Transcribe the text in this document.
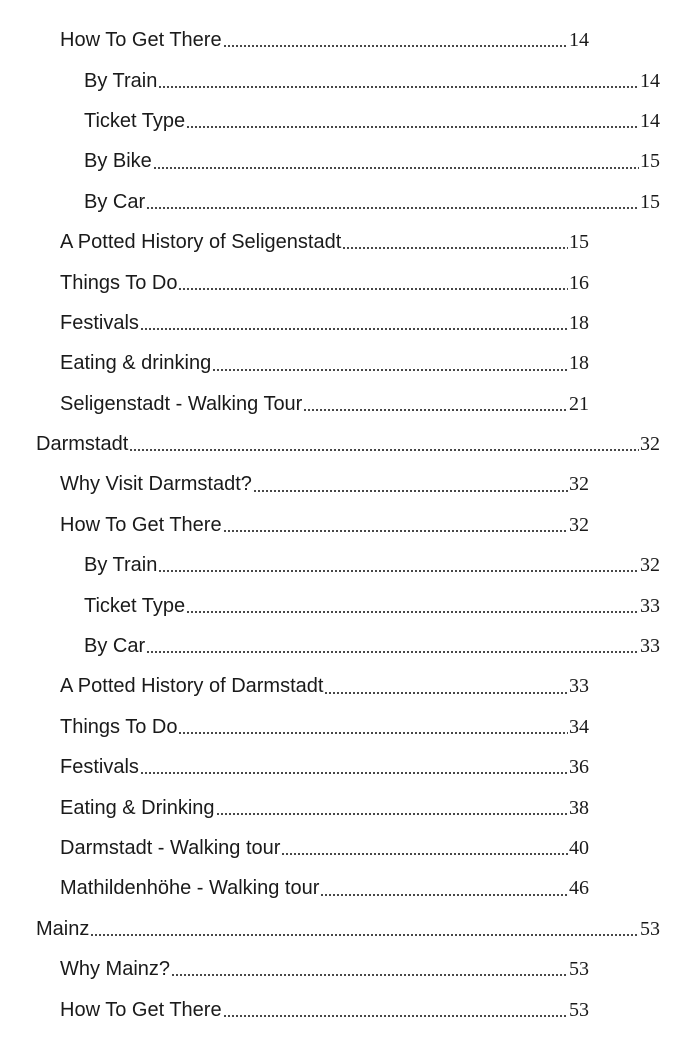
How To Get There	14
By Train	14
Ticket Type	14
By Bike	15
By Car	15
A Potted History of Seligenstadt	15
Things To Do	16
Festivals	18
Eating & drinking	18
Seligenstadt - Walking Tour	21
Darmstadt	32
Why Visit Darmstadt?	32
How To Get There	32
By Train	32
Ticket Type	33
By Car	33
A Potted History of Darmstadt	33
Things To Do	34
Festivals	36
Eating & Drinking	38
Darmstadt - Walking tour	40
Mathildenhöhe - Walking tour	46
Mainz	53
Why Mainz?	53
How To Get There	53
